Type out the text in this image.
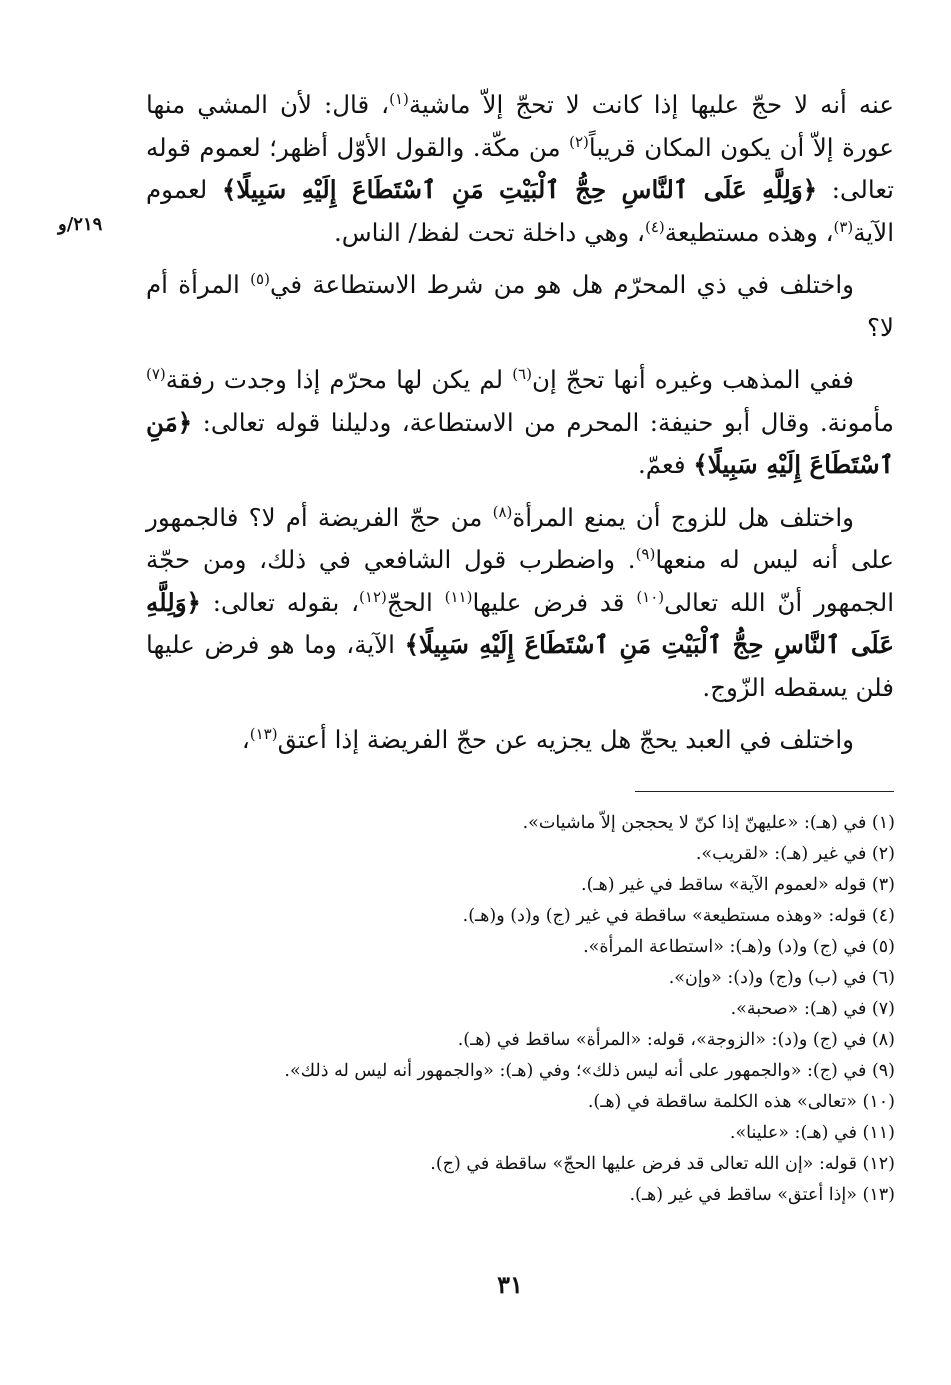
٢١٩/و

عنه أنه لا حجّ عليها إذا كانت لا تحجّ إلاّ ماشية$^{(١)}$، قال: لأن المشي منها عورة إلاّ أن يكون المكان قريباً$^{(٢)}$ من مكّة. والقول الأوّل أظهر؛ لعموم قوله تعالى: ﴿وَلِلَّهِ عَلَى ٱلنَّاسِ حِجُّ ٱلْبَيْتِ مَنِ ٱسْتَطَاعَ إِلَيْهِ سَبِيلًا﴾ لعموم الآية$^{(٣)}$، وهذه مستطيعة$^{(٤)}$، وهي داخلة تحت لفظ/ الناس.

واختلف في ذي المحرّم هل هو من شرط الاستطاعة في$^{(٥)}$ المرأة أم لا؟

ففي المذهب وغيره أنها تحجّ إن$^{(٦)}$ لم يكن لها محرّم إذا وجدت رفقة$^{(٧)}$ مأمونة. وقال أبو حنيفة: المحرم من الاستطاعة، ودليلنا قوله تعالى: ﴿مَنِ ٱسْتَطَاعَ إِلَيْهِ سَبِيلًا﴾ فعمّ.

واختلف هل للزوج أن يمنع المرأة$^{(٨)}$ من حجّ الفريضة أم لا؟ فالجمهور على أنه ليس له منعها$^{(٩)}$. واضطرب قول الشافعي في ذلك، ومن حجّة الجمهور أنّ الله تعالى$^{(١٠)}$ قد فرض عليها$^{(١١)}$ الحجّ$^{(١٢)}$، بقوله تعالى: ﴿وَلِلَّهِ عَلَى ٱلنَّاسِ حِجُّ ٱلْبَيْتِ مَنِ ٱسْتَطَاعَ إِلَيْهِ سَبِيلًا﴾ الآية، وما هو فرض عليها فلن يسقطه الزّوج.

واختلف في العبد يحجّ هل يجزيه عن حجّ الفريضة إذا أعتق$^{(١٣)}$،

(١) في (هـ): «عليهنّ إذا كنّ لا يحججن إلاّ ماشيات».
(٢) في غير (هـ): «لقريب».
(٣) قوله «لعموم الآية» ساقط في غير (هـ).
(٤) قوله: «وهذه مستطيعة» ساقطة في غير (ج) و(د) و(هـ).
(٥) في (ج) و(د) و(هـ): «استطاعة المرأة».
(٦) في (ب) و(ج) و(د): «وإن».
(٧) في (هـ): «صحبة».
(٨) في (ج) و(د): «الزوجة»، قوله: «المرأة» ساقط في (هـ).
(٩) في (ج): «والجمهور على أنه ليس ذلك»؛ وفي (هـ): «والجمهور أنه ليس له ذلك».
(١٠) «تعالى» هذه الكلمة ساقطة في (هـ).
(١١) في (هـ): «علينا».
(١٢) قوله: «إن الله تعالى قد فرض عليها الحجّ» ساقطة في (ج).
(١٣) «إذا أعتق» ساقط في غير (هـ).
٣١
